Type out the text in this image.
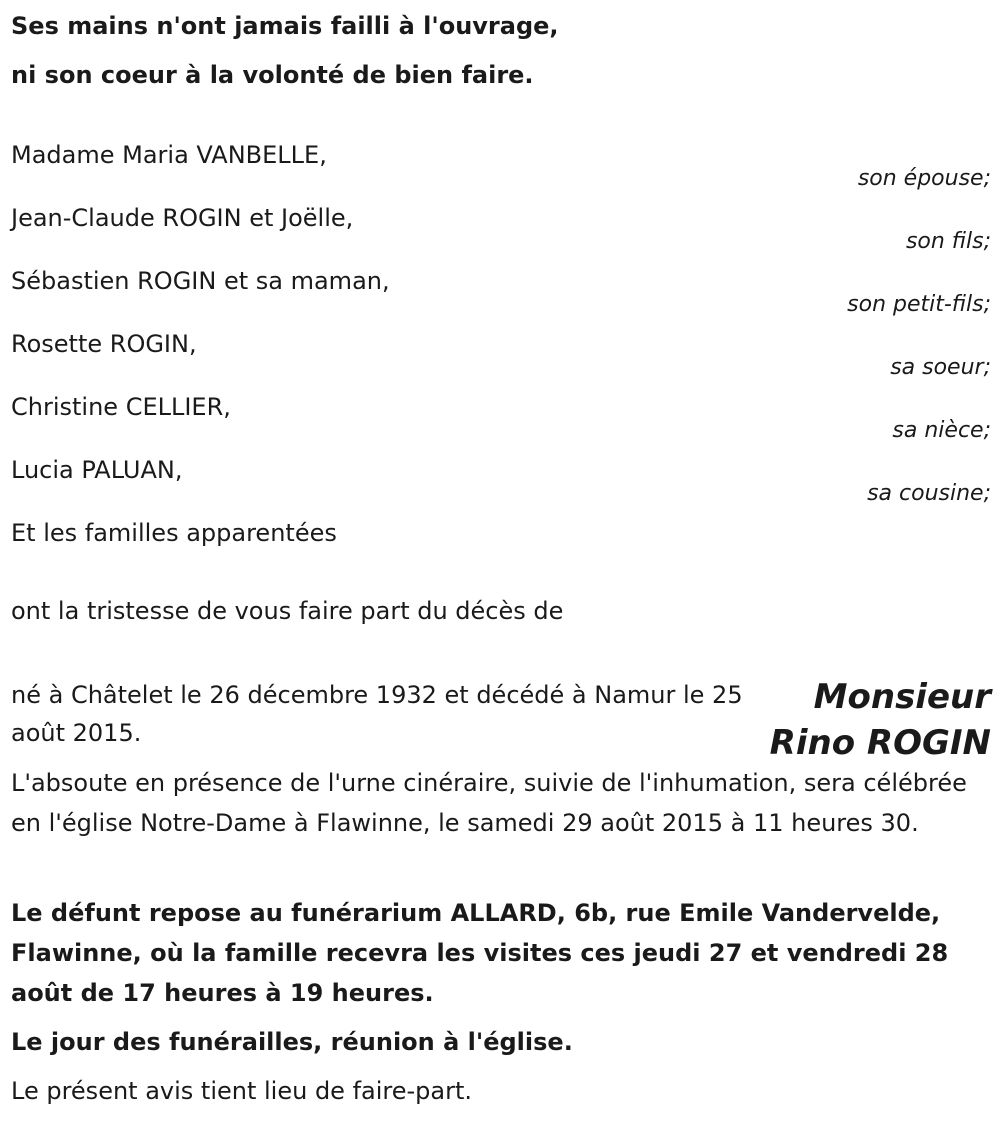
Ses mains n'ont jamais failli à l'ouvrage,
ni son coeur à la volonté de bien faire.
Madame Maria VANBELLE,
son épouse;
Jean-Claude ROGIN et Joëlle,
son fils;
Sébastien ROGIN et sa maman,
son petit-fils;
Rosette ROGIN,
sa soeur;
Christine CELLIER,
sa nièce;
Lucia PALUAN,
sa cousine;
Et les familles apparentées
ont la tristesse de vous faire part du décès de
Monsieur
Rino ROGIN
né à Châtelet le 26 décembre 1932 et décédé à Namur le 25 août 2015.
L'absoute en présence de l'urne cinéraire, suivie de l'inhumation, sera célébrée en l'église Notre-Dame à Flawinne, le samedi 29 août 2015 à 11 heures 30.
Le défunt repose au funérarium ALLARD, 6b, rue Emile Vandervelde, Flawinne, où la famille recevra les visites ces jeudi 27 et vendredi 28 août de 17 heures à 19 heures.
Le jour des funérailles, réunion à l'église.
Le présent avis tient lieu de faire-part.
